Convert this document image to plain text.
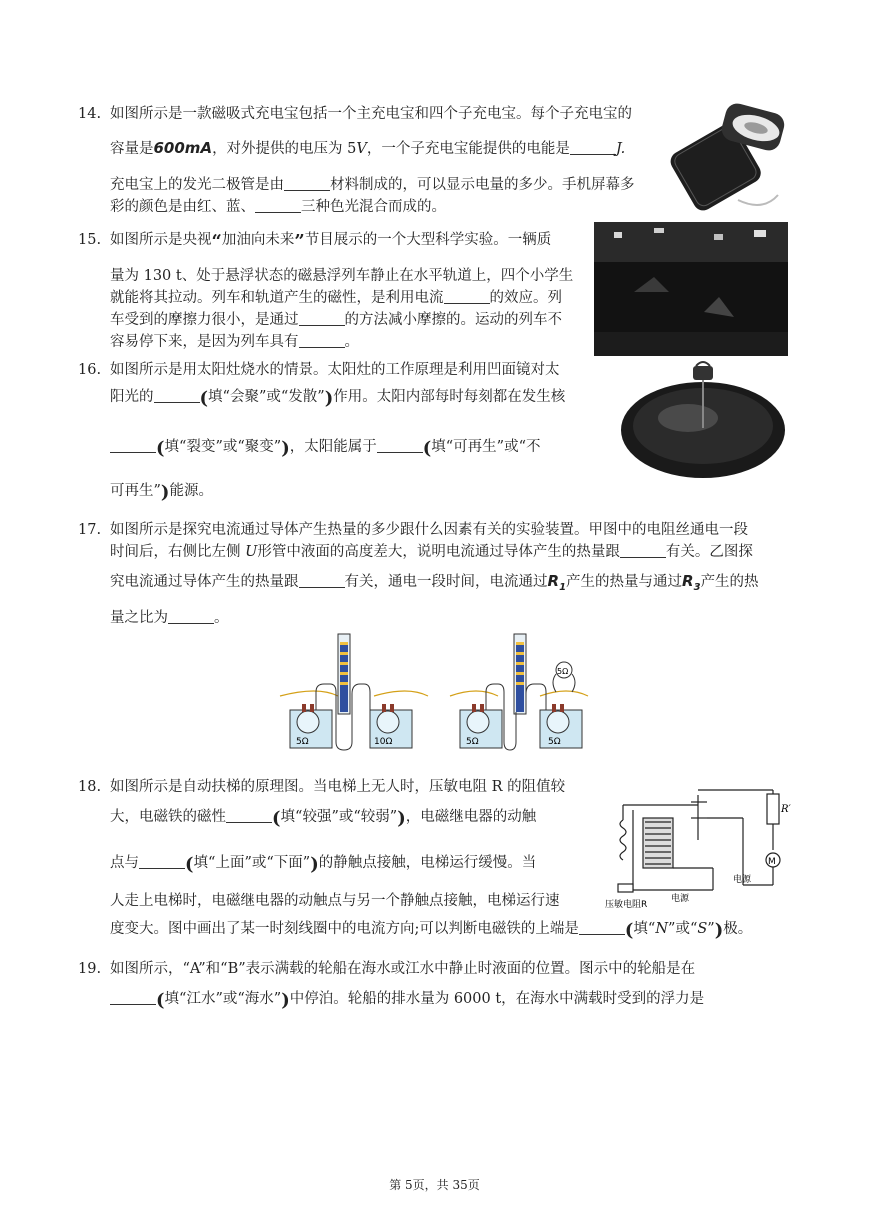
14. 如图所示是一款磁吸式充电宝包括一个主充电宝和四个子充电宝。每个子充电宝的
容量是600mA，对外提供的电压为 5V，一个子充电宝能提供的电能是	J.
充电宝上的发光二极管是由	材料制成的，可以显示电量的多少。手机屏幕多
彩的颜色是由红、蓝、	三种色光混合而成的。
15. 如图所示是央视“加油向未来”节目展示的一个大型科学实验。一辆质
量为 130 t、处于悬浮状态的磁悬浮列车静止在水平轨道上，四个小学生
就能将其拉动。列车和轨道产生的磁性，是利用电流	的效应。列
车受到的摩擦力很小，是通过	的方法减小摩擦的。运动的列车不
容易停下来，是因为列车具有	。
16. 如图所示是用太阳灶烧水的情景。太阳灶的工作原理是利用凹面镜对太
阳光的	(填“会聚”或“发散”)作用。太阳内部每时每刻都在发生核
(填“裂变”或“聚变”)，太阳能属于	(填“可再生”或“不
可再生”)能源。
17. 如图所示是探究电流通过导体产生热量的多少跟什么因素有关的实验装置。甲图中的电阻丝通电一段
时间后，右侧比左侧 U形管中液面的高度差大，说明电流通过导体产生的热量跟	有关。乙图探
究电流通过导体产生的热量跟	有关，通电一段时间，电流通过$R_1$产生的热量与通过$R_3$产生的热
量之比为	。
5Ω	10Ω	5Ω	5Ω
5Ω
18. 如图所示是自动扶梯的原理图。当电梯上无人时，压敏电阻 R 的阻值较
大，电磁铁的磁性	(填“较强”或“较弱”)，电磁继电器的动触
点与	(填“上面”或“下面”)的静触点接触，电梯运行缓慢。当
人走上电梯时，电磁继电器的动触点与另一个静触点接触，电梯运行速
度变大。图中画出了某一时刻线圈中的电流方向;可以判断电磁铁的上端是	(填“N”或“S”)极。
R′
M
电源
电源
压敏电阻R
19. 如图所示，“A”和“B”表示满载的轮船在海水或江水中静止时液面的位置。图示中的轮船是在
(填“江水”或“海水”)中停泊。轮船的排水量为 6000 t，在海水中满载时受到的浮力是
第 5页，共 35页
